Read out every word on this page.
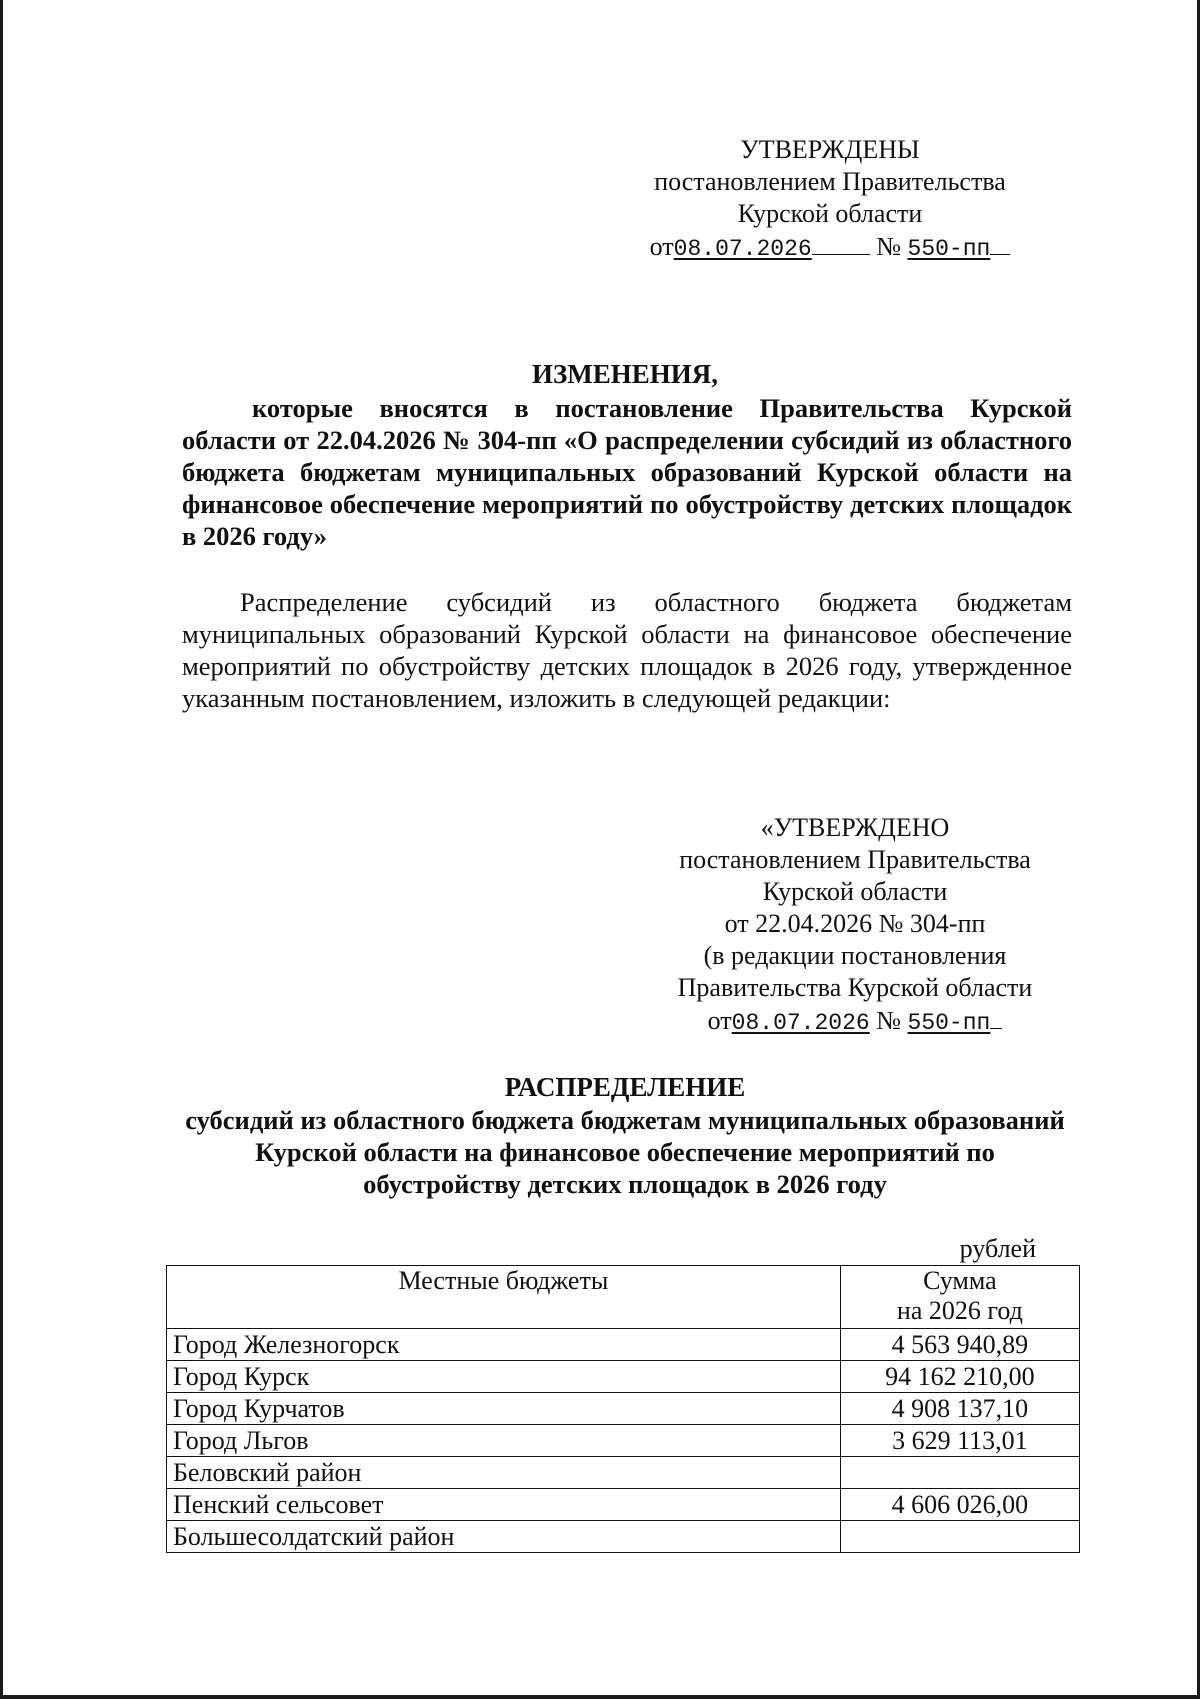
УТВЕРЖДЕНЫ
постановлением Правительства
Курской области
от08.07.2026 № 550-пп
ИЗМЕНЕНИЯ,
которые вносятся в постановление Правительства Курской области от 22.04.2026 № 304-пп «О распределении субсидий из областного бюджета бюджетам муниципальных образований Курской области на финансовое обеспечение мероприятий по обустройству детских площадок в 2026 году»
Распределение субсидий из областного бюджета бюджетам муниципальных образований Курской области на финансовое обеспечение мероприятий по обустройству детских площадок в 2026 году, утвержденное указанным постановлением, изложить в следующей редакции:
«УТВЕРЖДЕНО
постановлением Правительства
Курской области
от 22.04.2026 № 304-пп
(в редакции постановления
Правительства Курской области
от08.07.2026 № 550-пп
РАСПРЕДЕЛЕНИЕ
субсидий из областного бюджета бюджетам муниципальных образований Курской области на финансовое обеспечение мероприятий по обустройству детских площадок в 2026 году
рублей
Местные бюджеты	Сумма
на 2026 год

Город Железногорск	4 563 940,89
Город Курск	94 162 210,00
Город Курчатов	4 908 137,10
Город Льгов	3 629 113,01
Беловский район	
Пенский сельсовет	4 606 026,00
Большесолдатский район	
